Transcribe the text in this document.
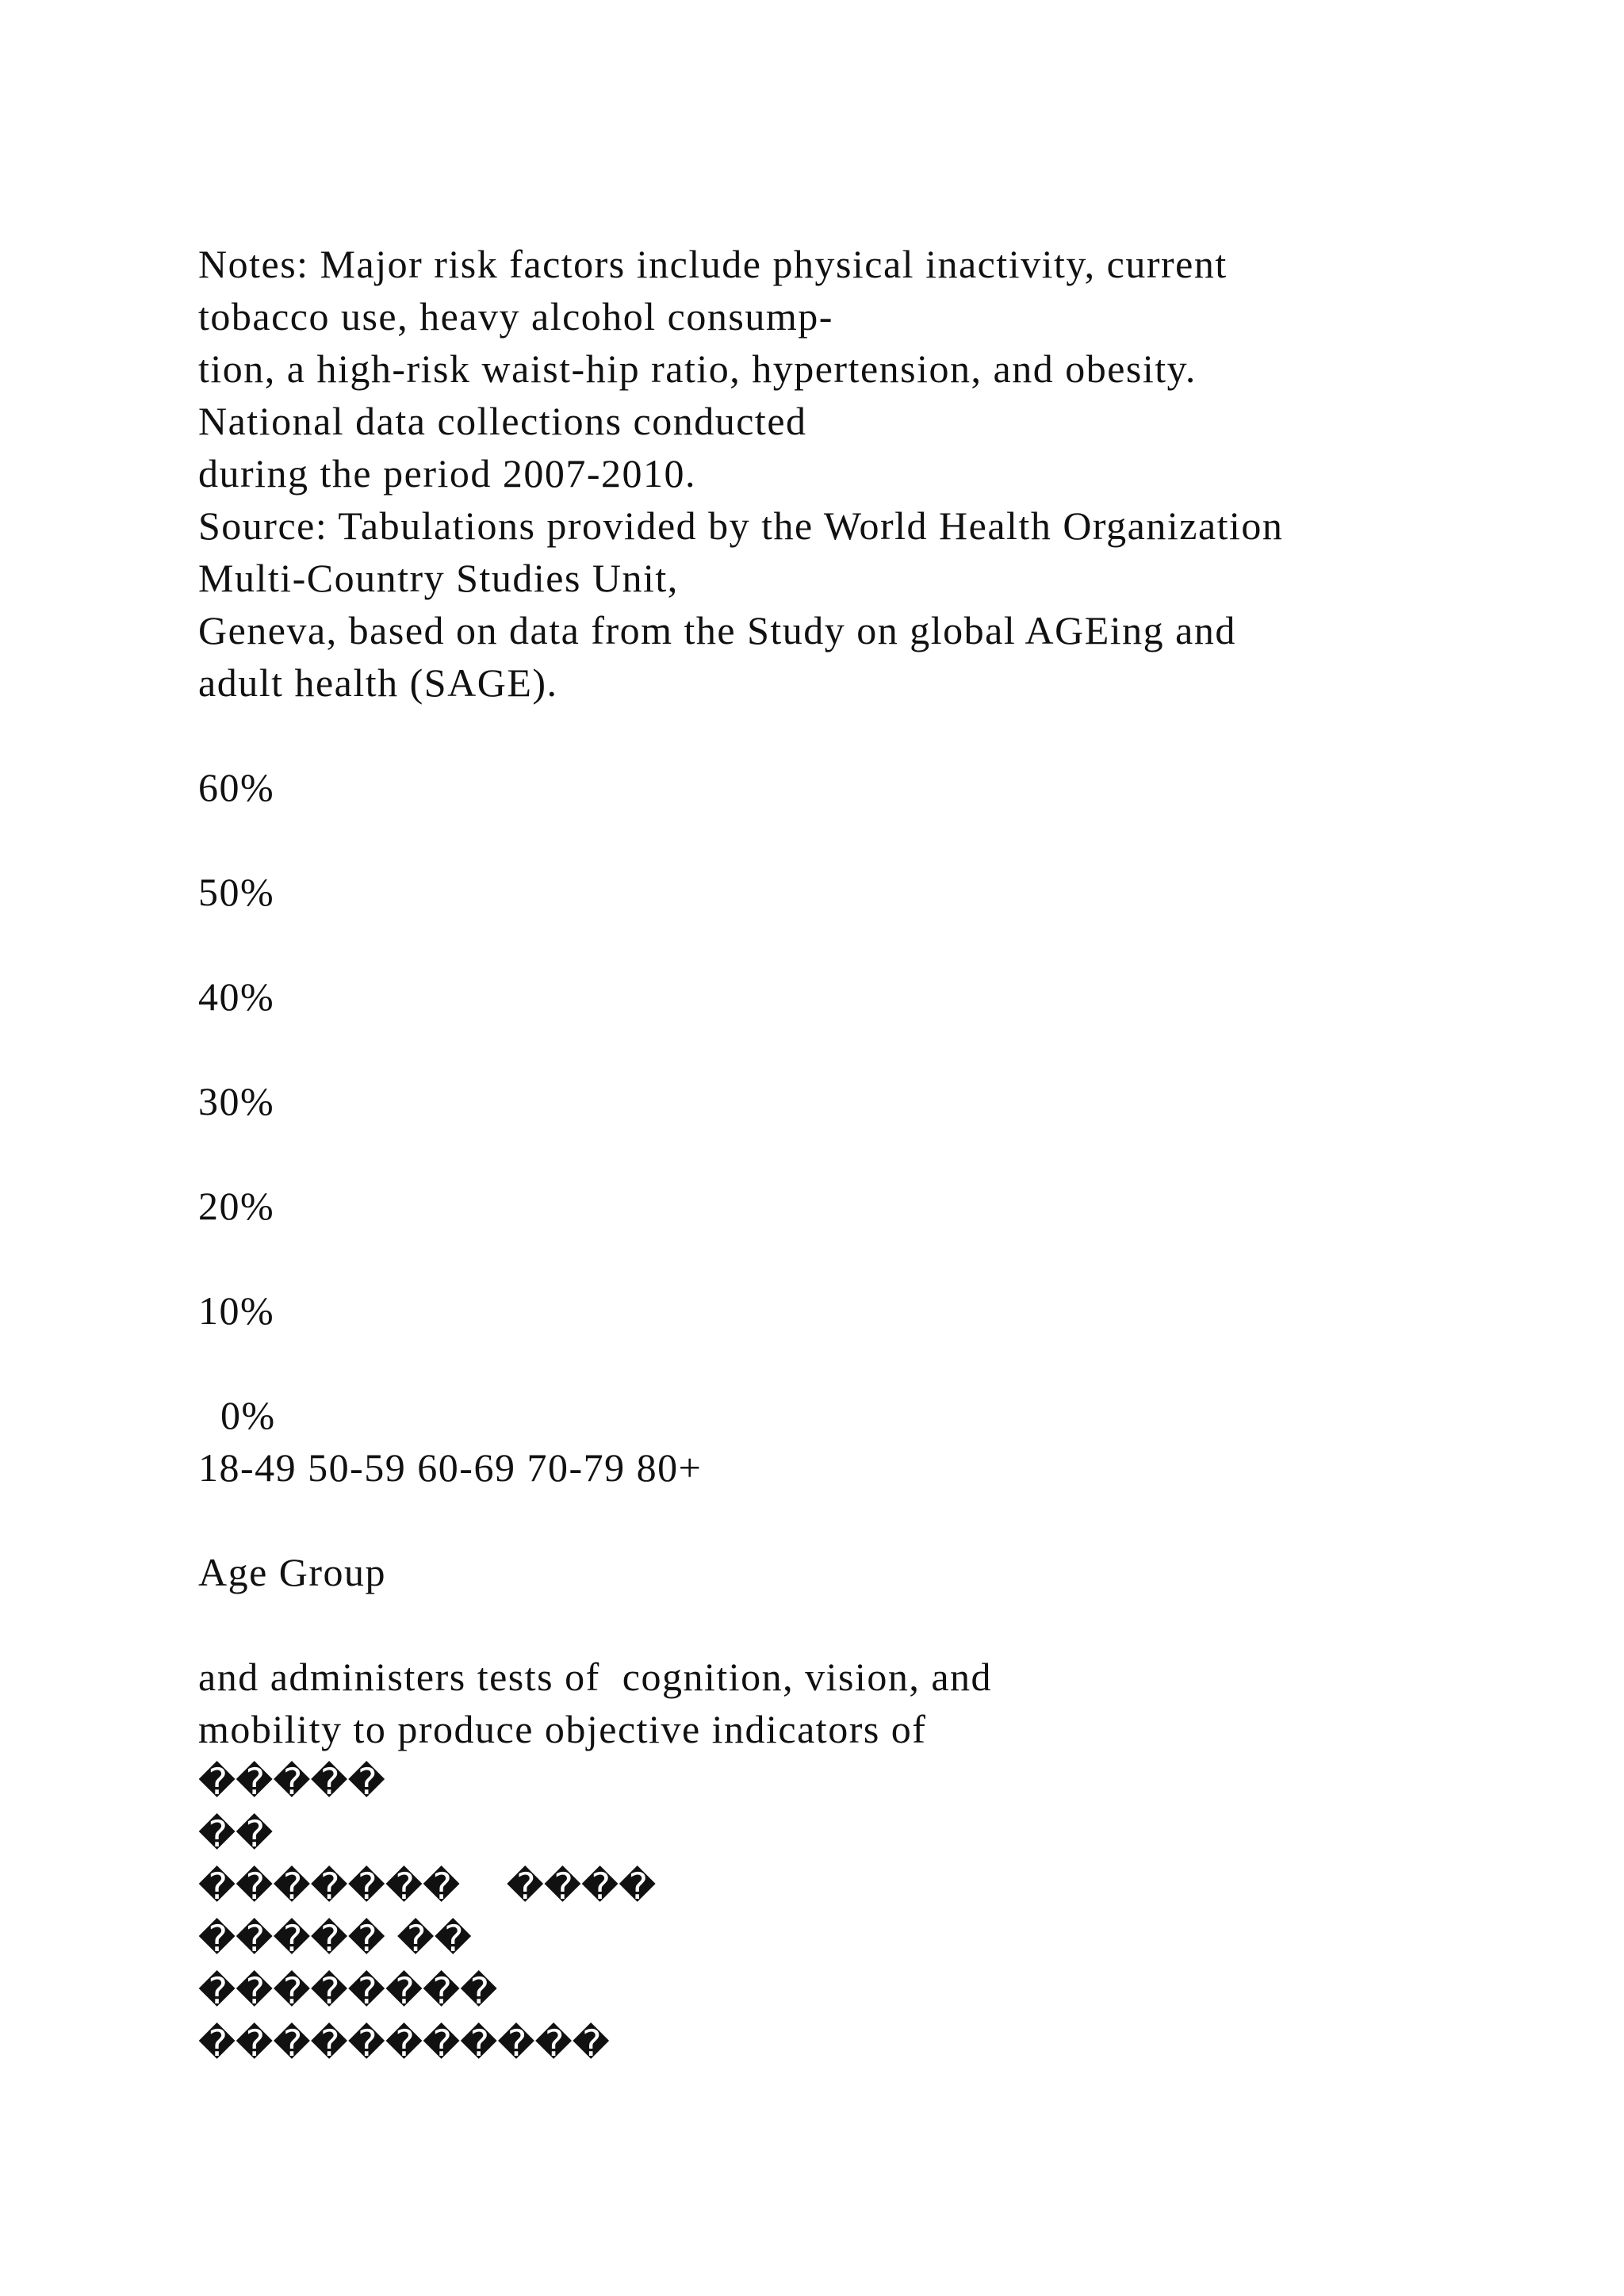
Notes: Major risk factors include physical inactivity, current
tobacco use, heavy alcohol consump-
tion, a high-risk waist-hip ratio, hypertension, and obesity.
National data collections conducted
during the period 2007-2010.
Source: Tabulations provided by the World Health Organization
Multi-Country Studies Unit,
Geneva, based on data from the Study on global AGEing and
adult health (SAGE).
60%
50%
40%
30%
20%
10%
0%
18-49 50-59 60-69 70-79 80+
Age Group
and administers tests of  cognition, vision, and
mobility to produce objective indicators of
�����
��
�������    ����
����� ��
��������
�����������
